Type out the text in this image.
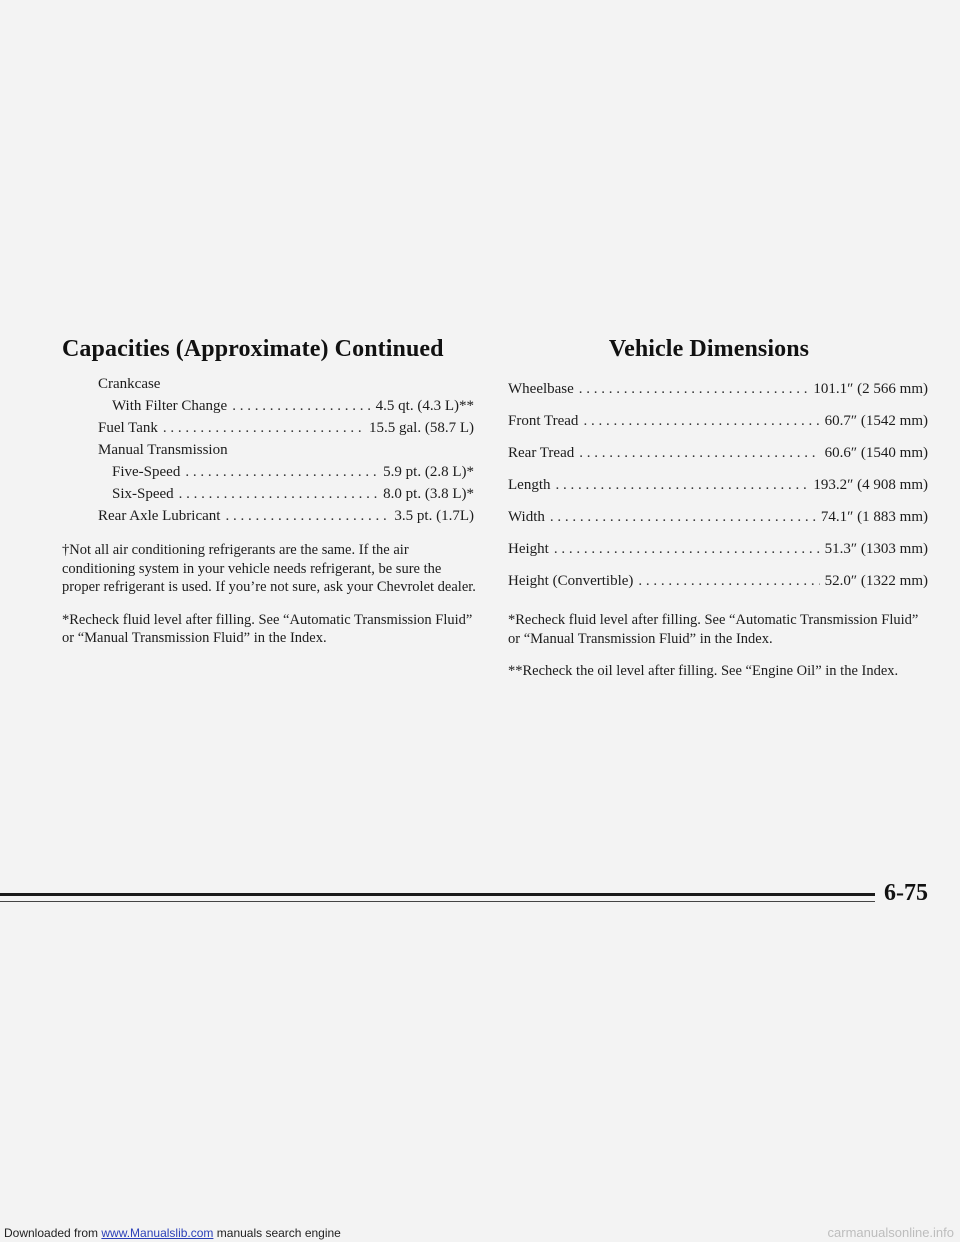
Capacities (Approximate) Continued
Crankcase
With Filter Change . . .	4.5 qt. (4.3 L)**
Fuel Tank . . .	15.5 gal. (58.7 L)
Manual Transmission
Five-Speed . . .	5.9 pt. (2.8 L)*
Six-Speed . . .	8.0 pt. (3.8 L)*
Rear Axle Lubricant . . .	3.5 pt. (1.7L)

†Not all air conditioning refrigerants are the same. If the air conditioning system in your vehicle needs refrigerant, be sure the proper refrigerant is used. If you’re not sure, ask your Chevrolet dealer.

*Recheck fluid level after filling. See “Automatic Transmission Fluid” or “Manual Transmission Fluid” in the Index.

Vehicle Dimensions
Wheelbase . . .	101.1″ (2 566 mm)
Front Tread . . .	60.7″ (1542 mm)
Rear Tread . . .	60.6″ (1540 mm)
Length . . .	193.2″ (4 908 mm)
Width . . .	74.1″ (1 883 mm)
Height . . .	51.3″ (1303 mm)
Height (Convertible) . . .	52.0″ (1322 mm)

*Recheck fluid level after filling. See “Automatic Transmission Fluid” or “Manual Transmission Fluid” in the Index.

**Recheck the oil level after filling. See “Engine Oil” in the Index.

6-75
Downloaded from www.Manualslib.com manuals search engine	carmanualsonline.info
